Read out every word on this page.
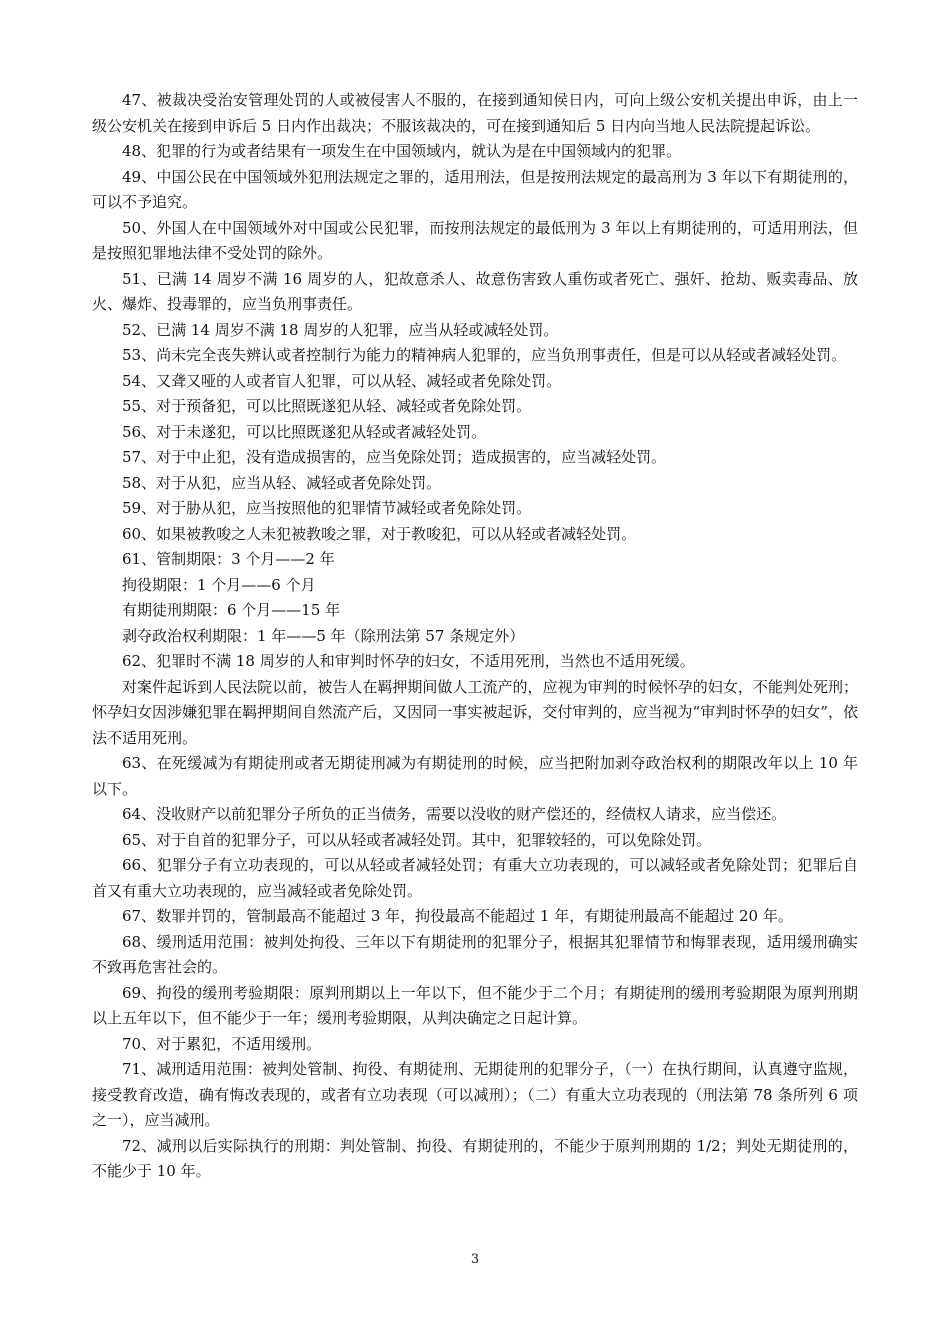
47、被裁决受治安管理处罚的人或被侵害人不服的，在接到通知侯日内，可向上级公安机关提出申诉，由上一级公安机关在接到申诉后 5 日内作出裁决；不服该裁决的，可在接到通知后 5 日内向当地人民法院提起诉讼。

48、犯罪的行为或者结果有一项发生在中国领域内，就认为是在中国领域内的犯罪。

49、中国公民在中国领域外犯刑法规定之罪的，适用刑法，但是按刑法规定的最高刑为 3 年以下有期徒刑的，可以不予追究。

50、外国人在中国领域外对中国或公民犯罪，而按刑法规定的最低刑为 3 年以上有期徒刑的，可适用刑法，但是按照犯罪地法律不受处罚的除外。

51、已满 14 周岁不满 16 周岁的人，犯故意杀人、故意伤害致人重伤或者死亡、强奸、抢劫、贩卖毒品、放火、爆炸、投毒罪的，应当负刑事责任。

52、已满 14 周岁不满 18 周岁的人犯罪，应当从轻或减轻处罚。

53、尚未完全丧失辨认或者控制行为能力的精神病人犯罪的，应当负刑事责任，但是可以从轻或者减轻处罚。

54、又聋又哑的人或者盲人犯罪，可以从轻、减轻或者免除处罚。

55、对于预备犯，可以比照既遂犯从轻、减轻或者免除处罚。

56、对于未遂犯，可以比照既遂犯从轻或者减轻处罚。

57、对于中止犯，没有造成损害的，应当免除处罚；造成损害的，应当减轻处罚。

58、对于从犯，应当从轻、减轻或者免除处罚。

59、对于胁从犯，应当按照他的犯罪情节减轻或者免除处罚。

60、如果被教唆之人未犯被教唆之罪，对于教唆犯，可以从轻或者减轻处罚。

61、管制期限：3 个月——2 年

拘役期限：1 个月——6 个月

有期徒刑期限：6 个月——15 年

剥夺政治权利期限：1 年——5 年（除刑法第 57 条规定外）

62、犯罪时不满 18 周岁的人和审判时怀孕的妇女，不适用死刑，当然也不适用死缓。

对案件起诉到人民法院以前，被告人在羁押期间做人工流产的，应视为审判的时候怀孕的妇女，不能判处死刑；怀孕妇女因涉嫌犯罪在羁押期间自然流产后，又因同一事实被起诉，交付审判的，应当视为“审判时怀孕的妇女”，依法不适用死刑。

63、在死缓减为有期徒刑或者无期徒刑减为有期徒刑的时候，应当把附加剥夺政治权利的期限改年以上 10 年以下。

64、没收财产以前犯罪分子所负的正当债务，需要以没收的财产偿还的，经债权人请求，应当偿还。

65、对于自首的犯罪分子，可以从轻或者减轻处罚。其中，犯罪较轻的，可以免除处罚。

66、犯罪分子有立功表现的，可以从轻或者减轻处罚；有重大立功表现的，可以减轻或者免除处罚；犯罪后自首又有重大立功表现的，应当减轻或者免除处罚。

67、数罪并罚的，管制最高不能超过 3 年，拘役最高不能超过 1 年，有期徒刑最高不能超过 20 年。

68、缓刑适用范围：被判处拘役、三年以下有期徒刑的犯罪分子，根据其犯罪情节和悔罪表现，适用缓刑确实不致再危害社会的。

69、拘役的缓刑考验期限：原判刑期以上一年以下，但不能少于二个月；有期徒刑的缓刑考验期限为原判刑期以上五年以下，但不能少于一年；缓刑考验期限，从判决确定之日起计算。

70、对于累犯，不适用缓刑。

71、减刑适用范围：被判处管制、拘役、有期徒刑、无期徒刑的犯罪分子，（一）在执行期间，认真遵守监规，接受教育改造，确有悔改表现的，或者有立功表现（可以减刑）；（二）有重大立功表现的（刑法第 78 条所列 6 项之一），应当减刑。

72、减刑以后实际执行的刑期：判处管制、拘役、有期徒刑的，不能少于原判刑期的 1/2；判处无期徒刑的，不能少于 10 年。

3
